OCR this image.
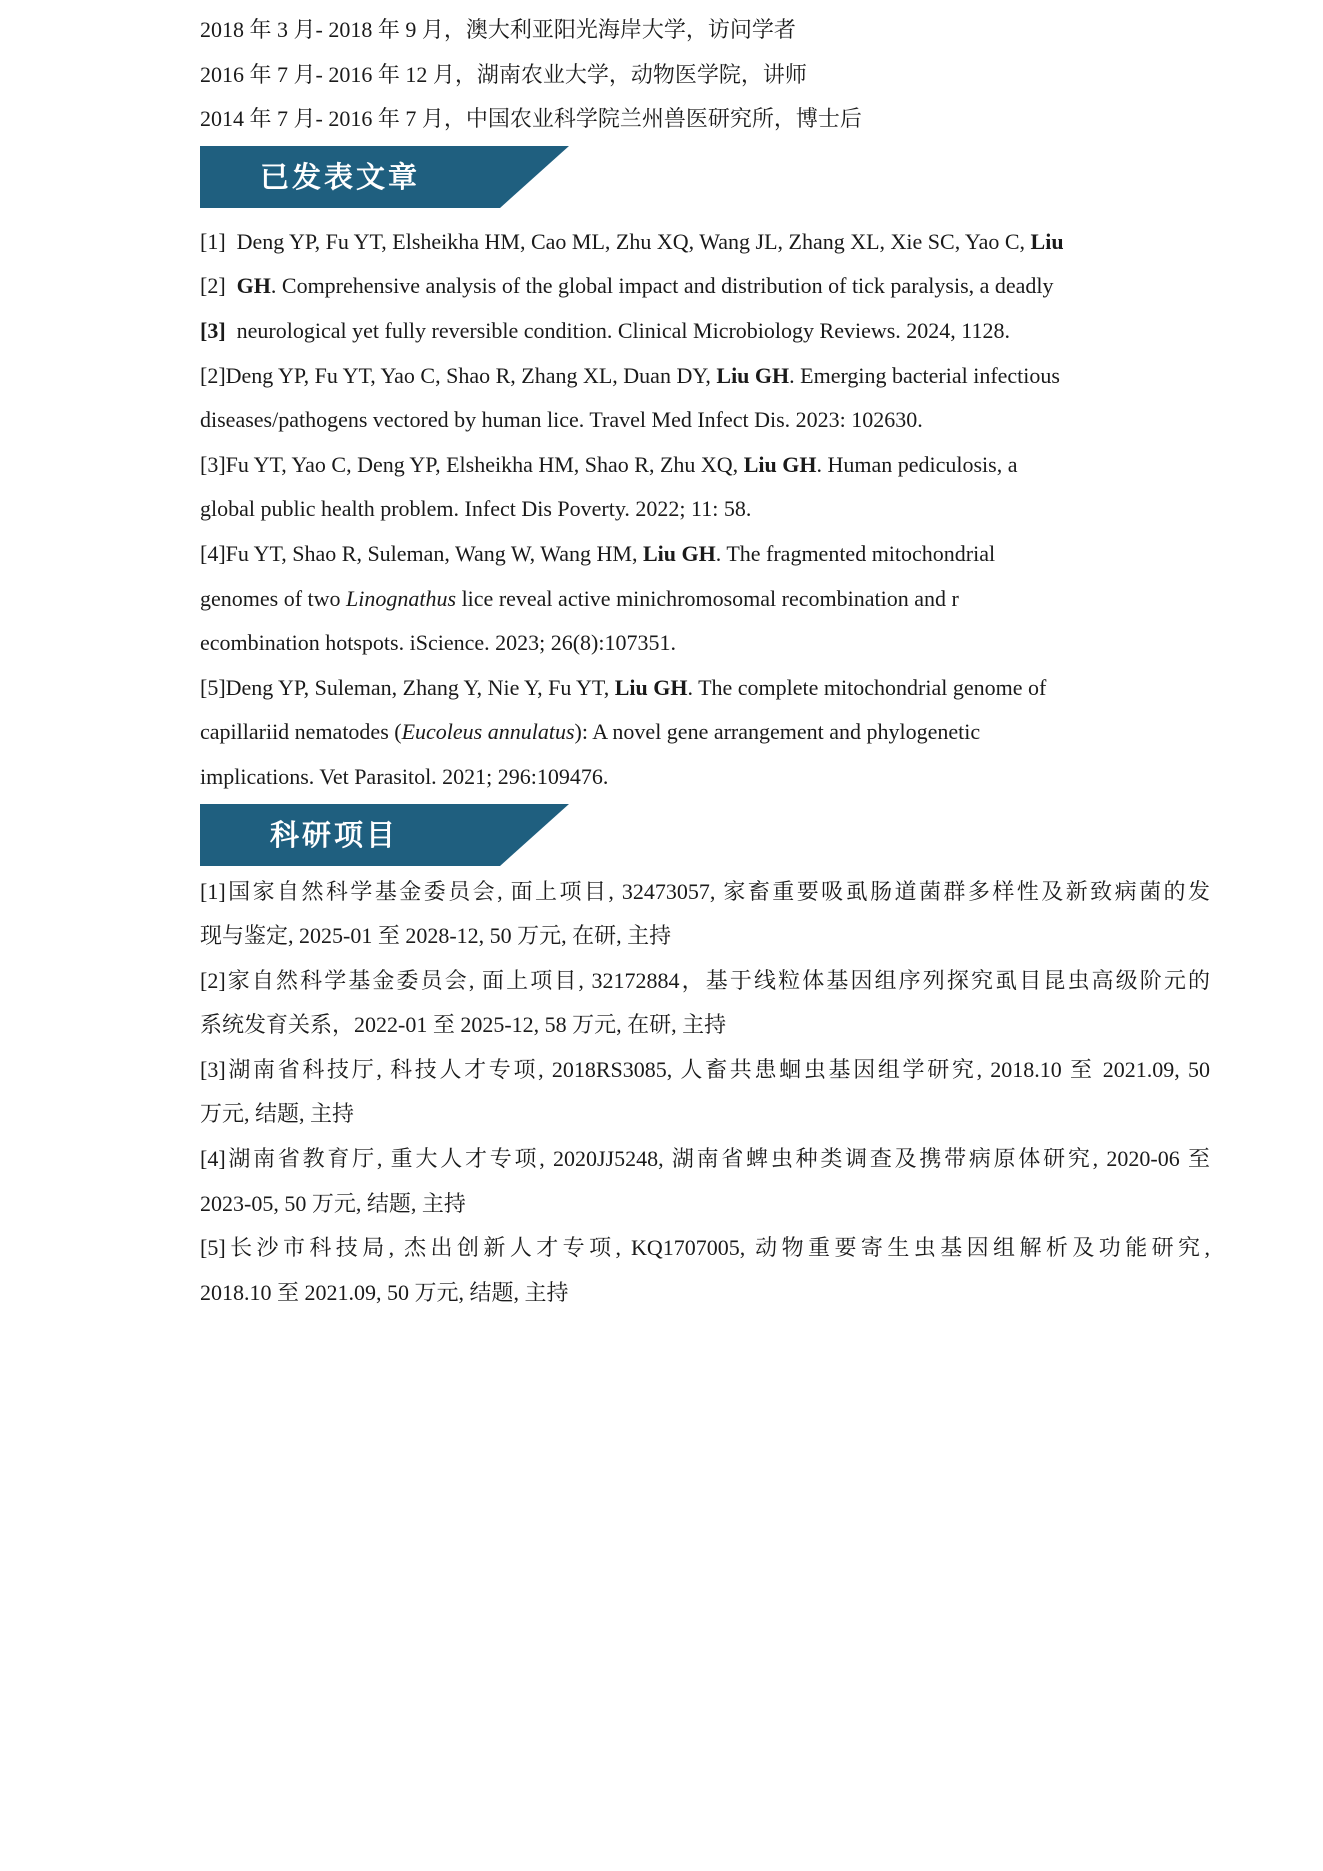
2018 年 3 月- 2018 年 9 月，澳大利亚阳光海岸大学，访问学者
2016 年 7 月- 2016 年 12 月，湖南农业大学，动物医学院，讲师
2014 年 7 月- 2016 年 7 月，中国农业科学院兰州兽医研究所，博士后
已发表文章
[1] Deng YP, Fu YT, Elsheikha HM, Cao ML, Zhu XQ, Wang JL, Zhang XL, Xie SC, Yao C, Liu
[2] GH. Comprehensive analysis of the global impact and distribution of tick paralysis, a deadly
[3] neurological yet fully reversible condition. Clinical Microbiology Reviews. 2024, 1128.
[2]Deng YP, Fu YT, Yao C, Shao R, Zhang XL, Duan DY, Liu GH. Emerging bacterial infectious
diseases/pathogens vectored by human lice. Travel Med Infect Dis. 2023: 102630.
[3]Fu YT, Yao C, Deng YP, Elsheikha HM, Shao R, Zhu XQ, Liu GH. Human pediculosis, a
global public health problem. Infect Dis Poverty. 2022; 11: 58.
[4]Fu YT, Shao R, Suleman, Wang W, Wang HM, Liu GH. The fragmented mitochondrial
genomes of two Linognathus lice reveal active minichromosomal recombination and r
ecombination hotspots. iScience. 2023; 26(8):107351.
[5]Deng YP, Suleman, Zhang Y, Nie Y, Fu YT, Liu GH. The complete mitochondrial genome of
capillariid nematodes (Eucoleus annulatus): A novel gene arrangement and phylogenetic
implications. Vet Parasitol. 2021; 296:109476.
科研项目
[1]国家自然科学基金委员会, 面上项目, 32473057, 家畜重要吸虱肠道菌群多样性及新致病菌的发
现与鉴定, 2025-01 至 2028-12, 50 万元, 在研, 主持
[2]家自然科学基金委员会, 面上项目, 32172884，基于线粒体基因组序列探究虱目昆虫高级阶元的
系统发育关系，2022-01 至 2025-12, 58 万元, 在研, 主持
[3]湖南省科技厅, 科技人才专项, 2018RS3085, 人畜共患蛔虫基因组学研究, 2018.10 至 2021.09, 50
万元, 结题, 主持
[4]湖南省教育厅, 重大人才专项, 2020JJ5248, 湖南省蜱虫种类调查及携带病原体研究, 2020-06 至
2023-05, 50 万元, 结题, 主持
[5]长沙市科技局, 杰出创新人才专项, KQ1707005, 动物重要寄生虫基因组解析及功能研究,
2018.10 至 2021.09, 50 万元, 结题, 主持
